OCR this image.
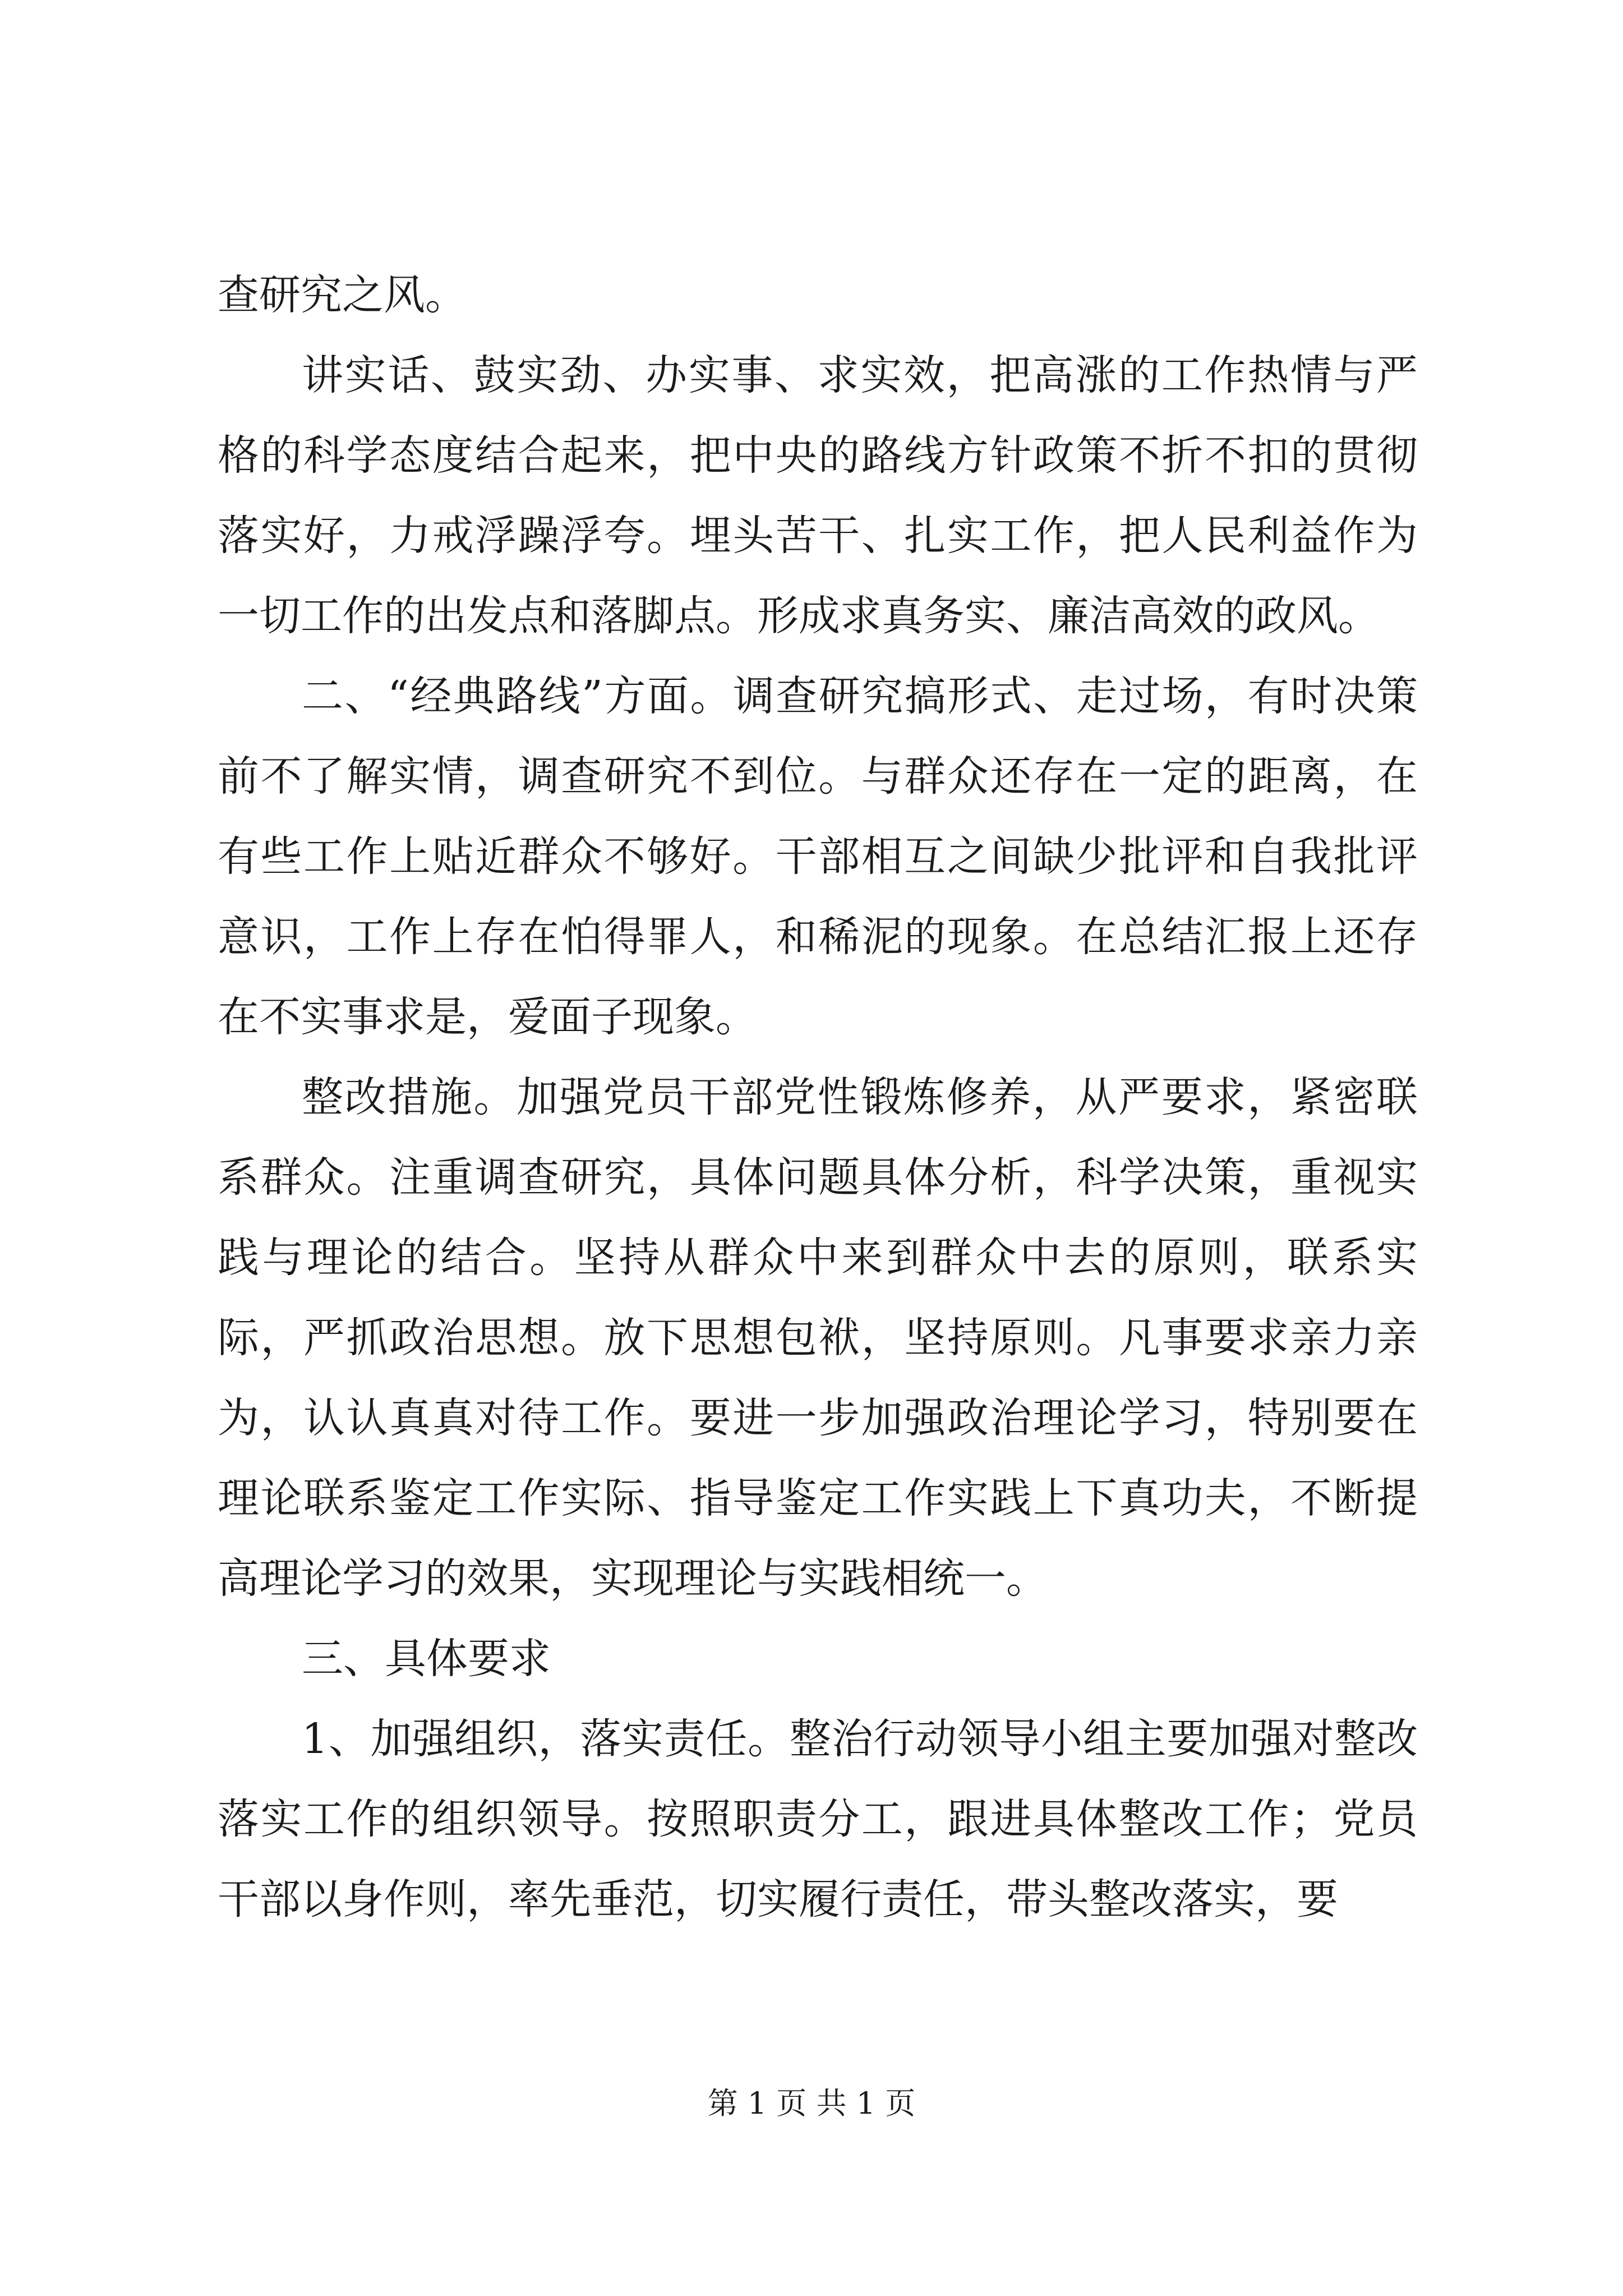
查研究之风。

讲实话、鼓实劲、办实事、求实效，把高涨的工作热情与严格的科学态度结合起来，把中央的路线方针政策不折不扣的贯彻落实好，力戒浮躁浮夸。埋头苦干、扎实工作，把人民利益作为一切工作的出发点和落脚点。形成求真务实、廉洁高效的政风。

二、“经典路线”方面。调查研究搞形式、走过场，有时决策前不了解实情，调查研究不到位。与群众还存在一定的距离，在有些工作上贴近群众不够好。干部相互之间缺少批评和自我批评意识，工作上存在怕得罪人，和稀泥的现象。在总结汇报上还存在不实事求是，爱面子现象。

整改措施。加强党员干部党性锻炼修养，从严要求，紧密联系群众。注重调查研究，具体问题具体分析，科学决策，重视实践与理论的结合。坚持从群众中来到群众中去的原则，联系实际，严抓政治思想。放下思想包袱，坚持原则。凡事要求亲力亲为，认认真真对待工作。要进一步加强政治理论学习，特别要在理论联系鉴定工作实际、指导鉴定工作实践上下真功夫，不断提高理论学习的效果，实现理论与实践相统一。

三、具体要求

1、加强组织，落实责任。整治行动领导小组主要加强对整改落实工作的组织领导。按照职责分工，跟进具体整改工作；党员干部以身作则，率先垂范，切实履行责任，带头整改落实，要

第 1 页 共 1 页
